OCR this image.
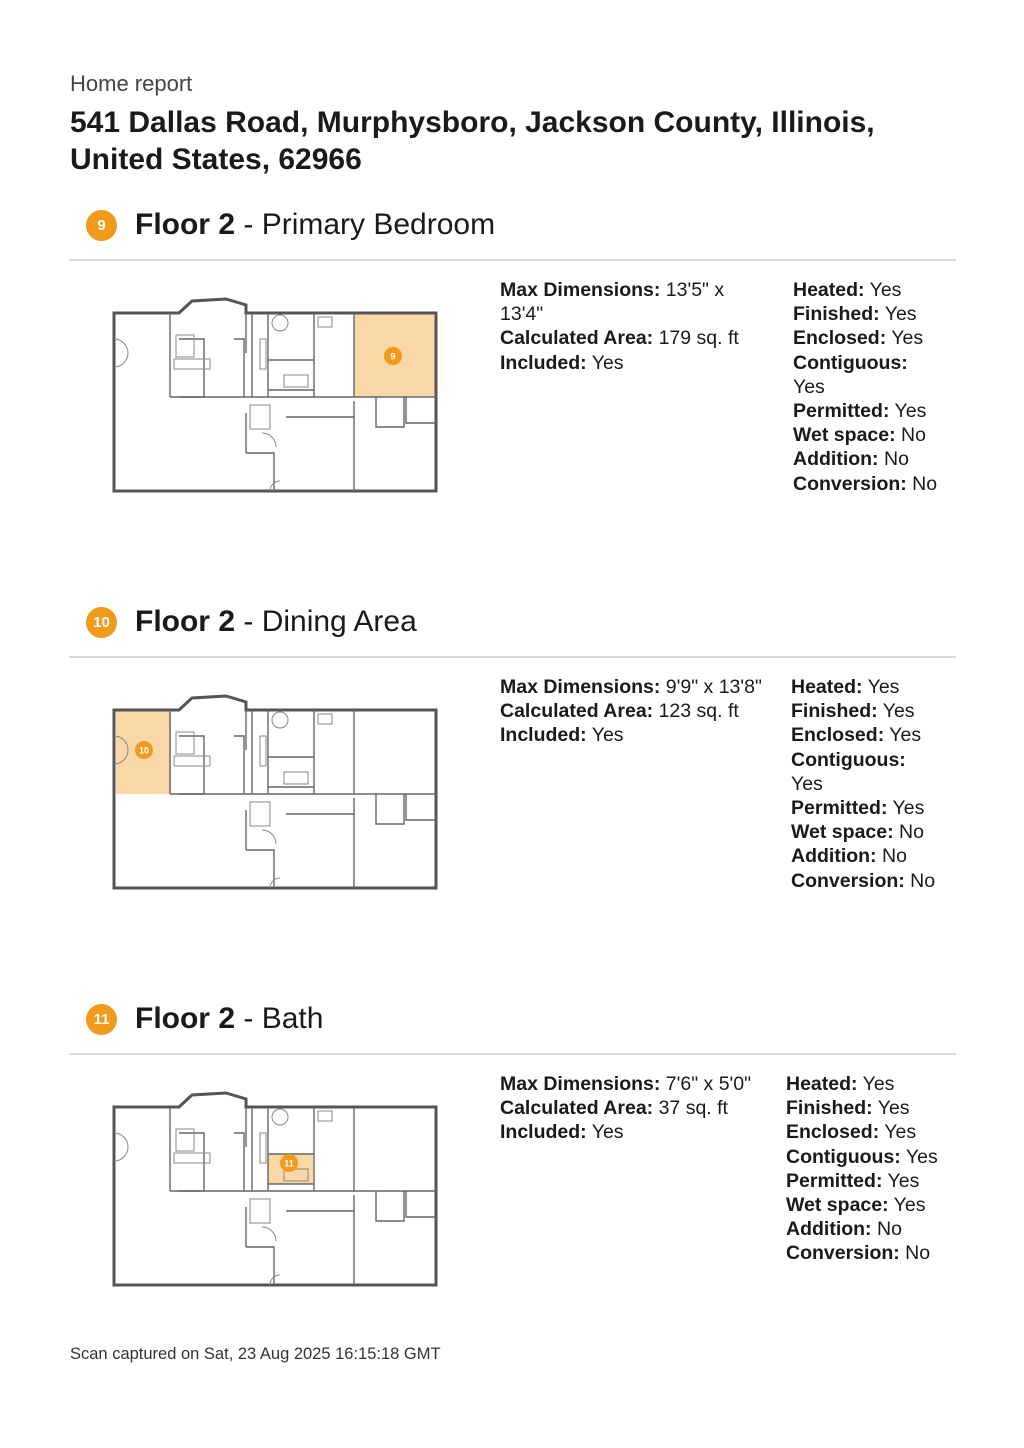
Home report
541 Dallas Road, Murphysboro, Jackson County, Illinois, United States, 62966
9 Floor 2 - Primary Bedroom
9
Max Dimensions: 13'5" x 13'4"
Calculated Area: 179 sq. ft
Included: Yes
Heated: Yes
Finished: Yes
Enclosed: Yes
Contiguous: Yes
Permitted: Yes
Wet space: No
Addition: No
Conversion: No
10 Floor 2 - Dining Area
10
Max Dimensions: 9'9" x 13'8"
Calculated Area: 123 sq. ft
Included: Yes
Heated: Yes
Finished: Yes
Enclosed: Yes
Contiguous: Yes
Permitted: Yes
Wet space: No
Addition: No
Conversion: No
11 Floor 2 - Bath
11
Max Dimensions: 7'6" x 5'0"
Calculated Area: 37 sq. ft
Included: Yes
Heated: Yes
Finished: Yes
Enclosed: Yes
Contiguous: Yes
Permitted: Yes
Wet space: Yes
Addition: No
Conversion: No
Scan captured on Sat, 23 Aug 2025 16:15:18 GMT
